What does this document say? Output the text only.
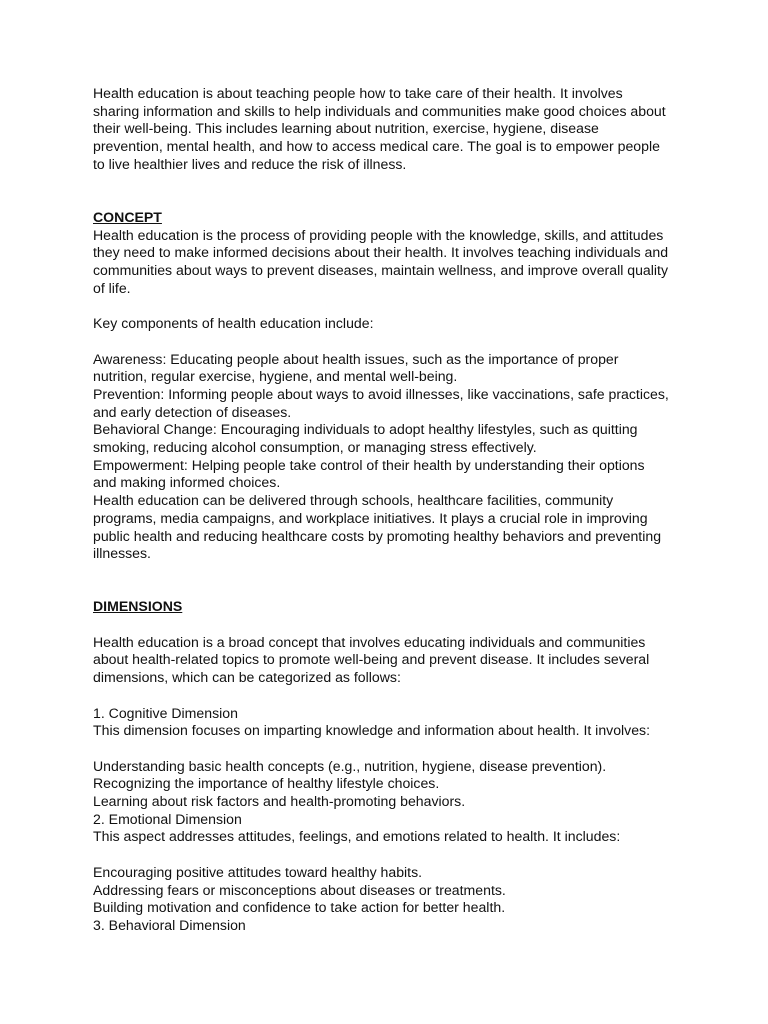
Health education is about teaching people how to take care of their health. It involves
sharing information and skills to help individuals and communities make good choices about
their well-being. This includes learning about nutrition, exercise, hygiene, disease
prevention, mental health, and how to access medical care. The goal is to empower people
to live healthier lives and reduce the risk of illness.

CONCEPT

Health education is the process of providing people with the knowledge, skills, and attitudes
they need to make informed decisions about their health. It involves teaching individuals and
communities about ways to prevent diseases, maintain wellness, and improve overall quality
of life.

Key components of health education include:

Awareness: Educating people about health issues, such as the importance of proper
nutrition, regular exercise, hygiene, and mental well-being.
Prevention: Informing people about ways to avoid illnesses, like vaccinations, safe practices,
and early detection of diseases.
Behavioral Change: Encouraging individuals to adopt healthy lifestyles, such as quitting
smoking, reducing alcohol consumption, or managing stress effectively.
Empowerment: Helping people take control of their health by understanding their options
and making informed choices.
Health education can be delivered through schools, healthcare facilities, community
programs, media campaigns, and workplace initiatives. It plays a crucial role in improving
public health and reducing healthcare costs by promoting healthy behaviors and preventing
illnesses.

DIMENSIONS

Health education is a broad concept that involves educating individuals and communities
about health-related topics to promote well-being and prevent disease. It includes several
dimensions, which can be categorized as follows:

1. Cognitive Dimension
This dimension focuses on imparting knowledge and information about health. It involves:
Understanding basic health concepts (e.g., nutrition, hygiene, disease prevention).
Recognizing the importance of healthy lifestyle choices.
Learning about risk factors and health-promoting behaviors.
2. Emotional Dimension
This aspect addresses attitudes, feelings, and emotions related to health. It includes:
Encouraging positive attitudes toward healthy habits.
Addressing fears or misconceptions about diseases or treatments.
Building motivation and confidence to take action for better health.
3. Behavioral Dimension
